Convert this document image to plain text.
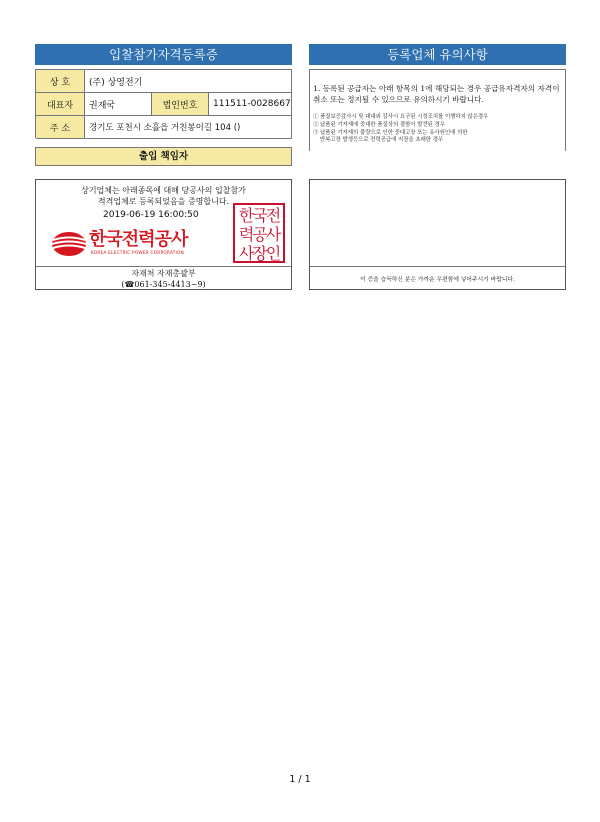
입찰참가자격등록증	등록업체 유의사항
상 호	(주) 상영전기
대표자	권재국	법인번호	111511-0028667
주 소	경기도 포천시 소흘읍 거친봉이길 104 ()
1. 등록된 공급자는 아래 항목의 1에 해당되는 경우 공급유자격자의 자격이 취소 또는 정지될 수 있으므로 유의하시기 바랍니다.
① 품질보증감사시 및 대내외 감사시 요구된 시정조치를 이행하지 않은경우
② 납품된 기자재에 중대한 품질상의 결함이 발견된 경우
③ 납품된 기자재의 불량으로 인한 중대고장 또는 유사원인에 의한
반복고장 발생등으로 전력공급에 지장을 초래한 경우
출입 책임자
상기업체는 아래종목에 대해 당공사의 입찰참가
적격업체로 등록되었음을 증명합니다.
2019-06-19 16:00:50
한국전력공사
KOREA ELECTRIC POWER CORPORATION
한국전력공사사장인
자재처 자재총괄부
(☎061-345-4413~9)	이 증을 습득하신 분은 가까운 우편함에 넣어주시기 바랍니다.
1 / 1
